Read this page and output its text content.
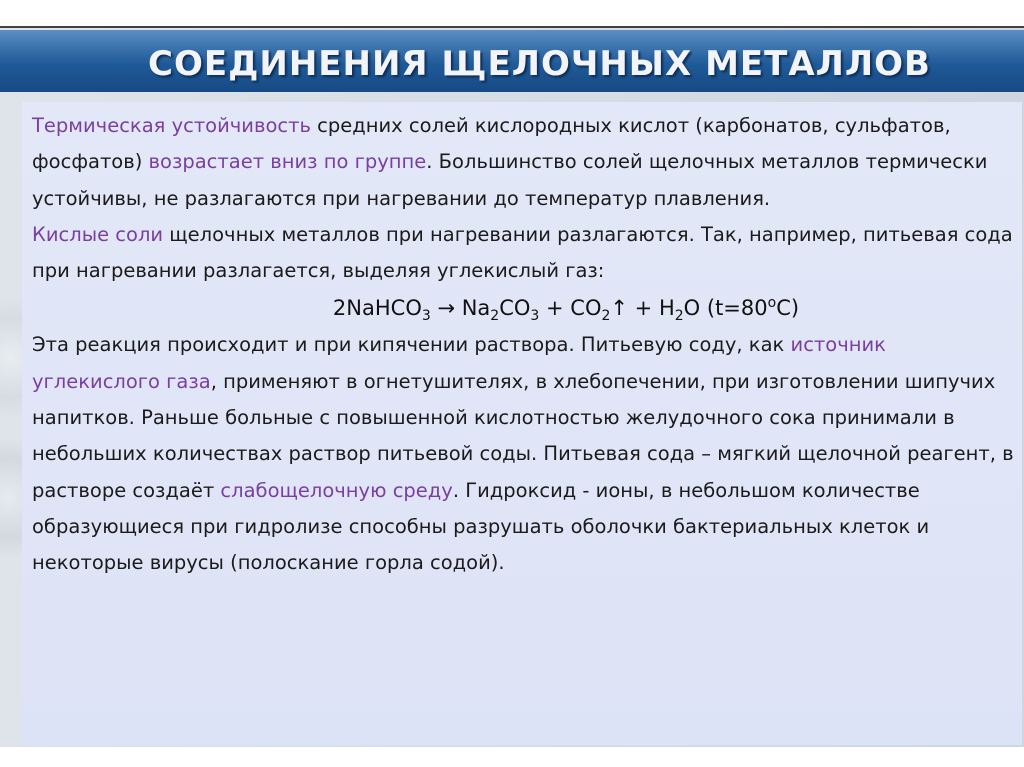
СОЕДИНЕНИЯ ЩЕЛОЧНЫХ МЕТАЛЛОВ

Термическая устойчивость средних солей кислородных кислот (карбонатов, сульфатов, фосфатов) возрастает вниз по группе. Большинство солей щелочных металлов термически устойчивы, не разлагаются при нагревании до температур плавления.

Кислые соли щелочных металлов при нагревании разлагаются. Так, например, питьевая сода при нагревании разлагается, выделяя углекислый газ:

2NaHCO$_3$ → $Na_2CO_3$ + $CO_2↑ + H_2O$ $(t=80^oC)$

Эта реакция происходит и при кипячении раствора. Питьевую соду, как источник углекислого газа, применяют в огнетушителях, в хлебопечении, при изготовлении шипучих напитков. Раньше больные с повышенной кислотностью желудочного сока принимали в небольших количествах раствор питьевой соды. Питьевая сода – мягкий щелочной реагент, в растворе создаёт слабощелочную среду. Гидроксид - ионы, в небольшом количестве образующиеся при гидролизе способны разрушать оболочки бактериальных клеток и некоторые вирусы (полоскание горла содой).
